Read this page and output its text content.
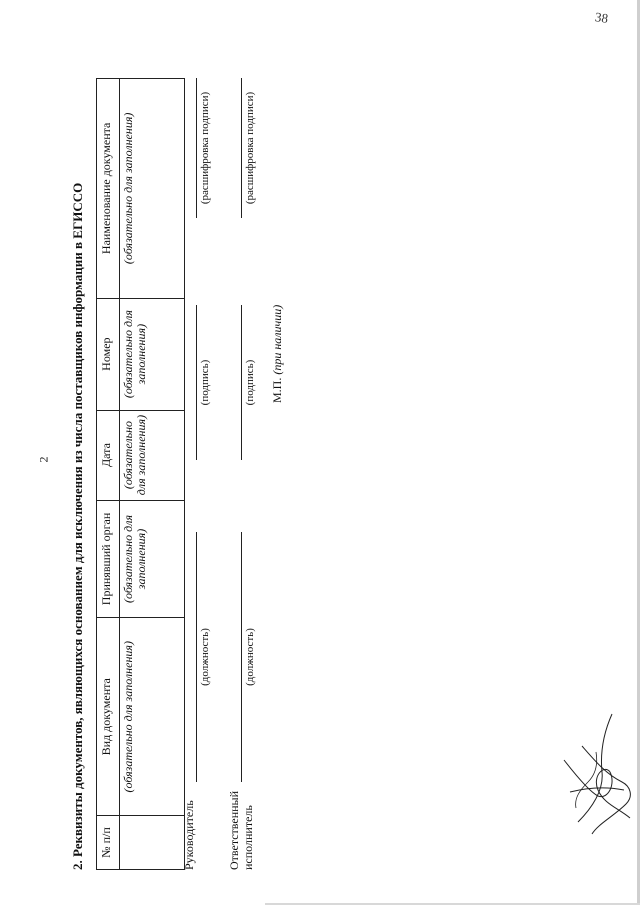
38
2 2. Реквизиты документов, являющихся основанием для исключения из числа поставщиков информации в ЕГИССО № п/п	Вид документа	Принявший орган	Дата	Номер	Наименование документа
	(обязательно для заполнения)	(обязательно для заполнения)	(обязательно для заполнения)	(обязательно для заполнения)	(обязательно для заполнения)
Руководитель
(должность)
(подпись)
(расшифровка подписи)
Ответственный исполнитель
(должность)
(подпись)
(расшифровка подписи)
М.П. (при наличии)
